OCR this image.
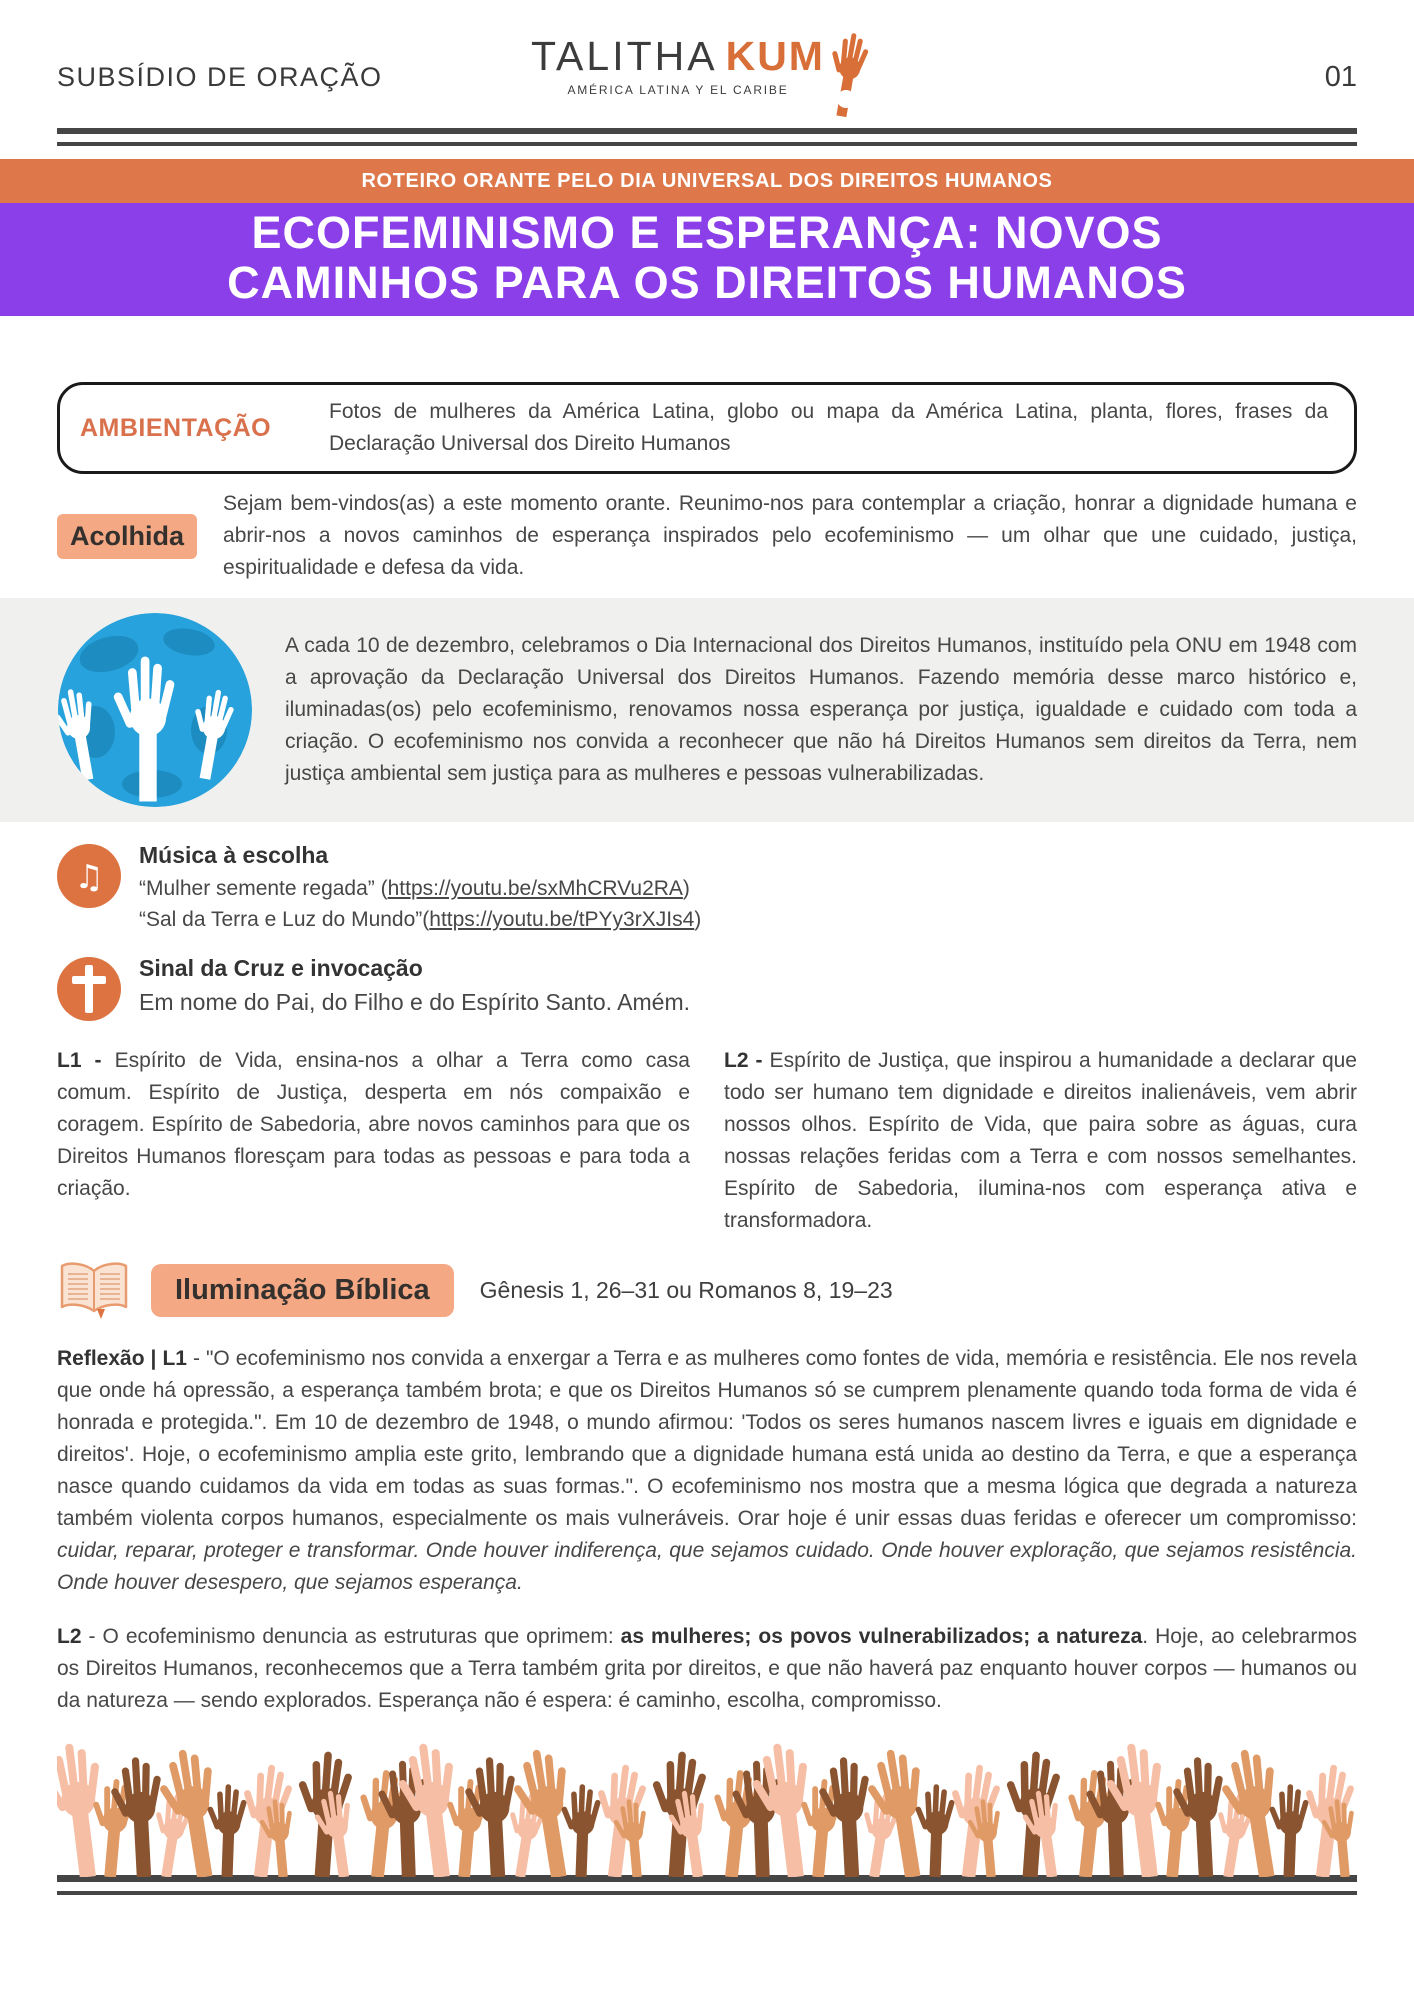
SUBSÍDIO DE ORAÇÃO	TALITHA KUM
AMÉRICA LATINA Y EL CARIBE	01
ROTEIRO ORANTE PELO DIA UNIVERSAL DOS DIREITOS HUMANOS
ECOFEMINISMO E ESPERANÇA: NOVOS
CAMINHOS PARA OS DIREITOS HUMANOS
AMBIENTAÇÃO

Fotos de mulheres da América Latina, globo ou mapa da América Latina, planta, flores, frases da Declaração Universal dos Direito Humanos

Acolhida

Sejam bem-vindos(as) a este momento orante. Reunimo-nos para contemplar a criação, honrar a dignidade humana e abrir-nos a novos caminhos de esperança inspirados pelo ecofeminismo — um olhar que une cuidado, justiça, espiritualidade e defesa da vida.

A cada 10 de dezembro, celebramos o Dia Internacional dos Direitos Humanos, instituído pela ONU em 1948 com a aprovação da Declaração Universal dos Direitos Humanos. Fazendo memória desse marco histórico e, iluminadas(os) pelo ecofeminismo, renovamos nossa esperança por justiça, igualdade e cuidado com toda a criação. O ecofeminismo nos convida a reconhecer que não há Direitos Humanos sem direitos da Terra, nem justiça ambiental sem justiça para as mulheres e pessoas vulnerabilizadas.

♫
Música à escolha
“Mulher semente regada” (https://youtu.be/sxMhCRVu2RA)
“Sal da Terra e Luz do Mundo”(https://youtu.be/tPYy3rXJIs4)
Sinal da Cruz e invocação
Em nome do Pai, do Filho e do Espírito Santo. Amém.

L1 - Espírito de Vida, ensina-nos a olhar a Terra como casa comum. Espírito de Justiça, desperta em nós compaixão e coragem. Espírito de Sabedoria, abre novos caminhos para que os Direitos Humanos floresçam para todas as pessoas e para toda a criação.

L2 - Espírito de Justiça, que inspirou a humanidade a declarar que todo ser humano tem dignidade e direitos inalienáveis, vem abrir nossos olhos. Espírito de Vida, que paira sobre as águas, cura nossas relações feridas com a Terra e com nossos semelhantes. Espírito de Sabedoria, ilumina-nos com esperança ativa e transformadora.

Iluminação Bíblica	Gênesis 1, 26–31 ou Romanos 8, 19–23

Reflexão | L1 - "O ecofeminismo nos convida a enxergar a Terra e as mulheres como fontes de vida, memória e resistência. Ele nos revela que onde há opressão, a esperança também brota; e que os Direitos Humanos só se cumprem plenamente quando toda forma de vida é honrada e protegida.". Em 10 de dezembro de 1948, o mundo afirmou: 'Todos os seres humanos nascem livres e iguais em dignidade e direitos'. Hoje, o ecofeminismo amplia este grito, lembrando que a dignidade humana está unida ao destino da Terra, e que a esperança nasce quando cuidamos da vida em todas as suas formas.". O ecofeminismo nos mostra que a mesma lógica que degrada a natureza também violenta corpos humanos, especialmente os mais vulneráveis. Orar hoje é unir essas duas feridas e oferecer um compromisso: cuidar, reparar, proteger e transformar. Onde houver indiferença, que sejamos cuidado. Onde houver exploração, que sejamos resistência. Onde houver desespero, que sejamos esperança.

L2 - O ecofeminismo denuncia as estruturas que oprimem: as mulheres; os povos vulnerabilizados; a natureza. Hoje, ao celebrarmos os Direitos Humanos, reconhecemos que a Terra também grita por direitos, e que não haverá paz enquanto houver corpos — humanos ou da natureza — sendo explorados. Esperança não é espera: é caminho, escolha, compromisso.
